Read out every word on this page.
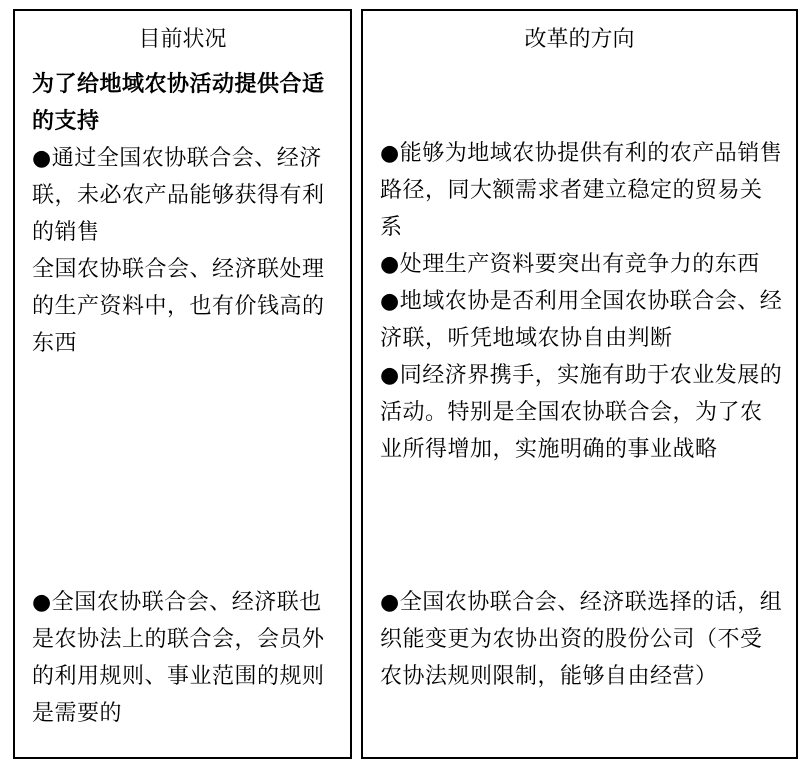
目前状况
为了给地域农协活动提供合适的支持
●通过全国农协联合会、经济联，未必农产品能够获得有利的销售
全国农协联合会、经济联处理的生产资料中，也有价钱高的东西
●全国农协联合会、经济联也是农协法上的联合会，会员外的利用规则、事业范围的规则是需要的
改革的方向
●能够为地域农协提供有利的农产品销售路径，同大额需求者建立稳定的贸易关系
●处理生产资料要突出有竞争力的东西
●地域农协是否利用全国农协联合会、经济联，听凭地域农协自由判断
●同经济界携手，实施有助于农业发展的活动。特别是全国农协联合会，为了农业所得增加，实施明确的事业战略
●全国农协联合会、经济联选择的话，组织能变更为农协出资的股份公司（不受农协法规则限制，能够自由经营）
